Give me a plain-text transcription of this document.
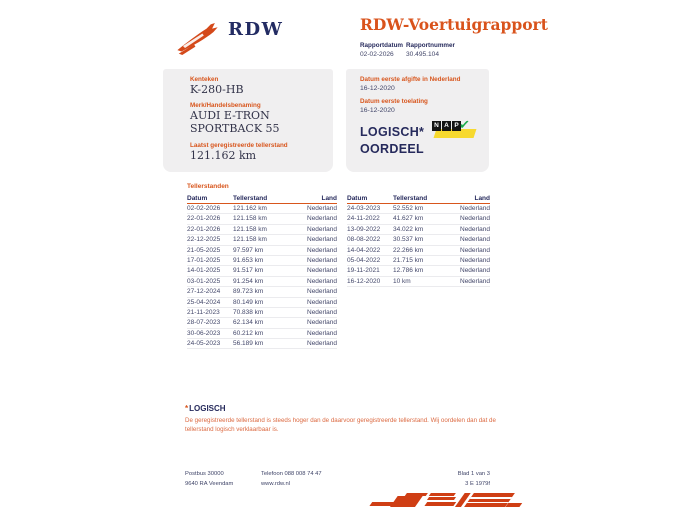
RDW	RDW-Voertuigrapport
Rapportdatum
02-02-2026
Rapportnummer
30.495.104
Kenteken
K-280-HB
Merk/Handelsbenaming
AUDI E-TRON
SPORTBACK 55
Laatst geregistreerde tellerstand
121.162 km
Datum eerste afgifte in Nederland
16-12-2020
Datum eerste toelating
16-12-2020
LOGISCH*
OORDEEL
N A P ✓
Tellerstanden
Datum	Tellerstand	Land
02-02-2026	121.162 km	Nederland
22-01-2026	121.158 km	Nederland
22-01-2026	121.158 km	Nederland
22-12-2025	121.158 km	Nederland
21-05-2025	97.597 km	Nederland
17-01-2025	91.653 km	Nederland
14-01-2025	91.517 km	Nederland
03-01-2025	91.254 km	Nederland
27-12-2024	89.723 km	Nederland
25-04-2024	80.149 km	Nederland
21-11-2023	70.838 km	Nederland
28-07-2023	62.134 km	Nederland
30-06-2023	60.212 km	Nederland
24-05-2023	56.189 km	Nederland
Datum	Tellerstand	Land
24-03-2023	52.552 km	Nederland
24-11-2022	41.627 km	Nederland
13-09-2022	34.022 km	Nederland
08-08-2022	30.537 km	Nederland
14-04-2022	22.266 km	Nederland
05-04-2022	21.715 km	Nederland
19-11-2021	12.786 km	Nederland
16-12-2020	10 km	Nederland
*LOGISCH
De geregistreerde tellerstand is steeds hoger dan de daarvoor geregistreerde tellerstand. Wij oordelen dan dat de tellerstand logisch verklaarbaar is.
Postbus 30000
9640 RA Veendam
Telefoon 088 008 74 47
www.rdw.nl
Blad 1 van 3
3 E 1979f
